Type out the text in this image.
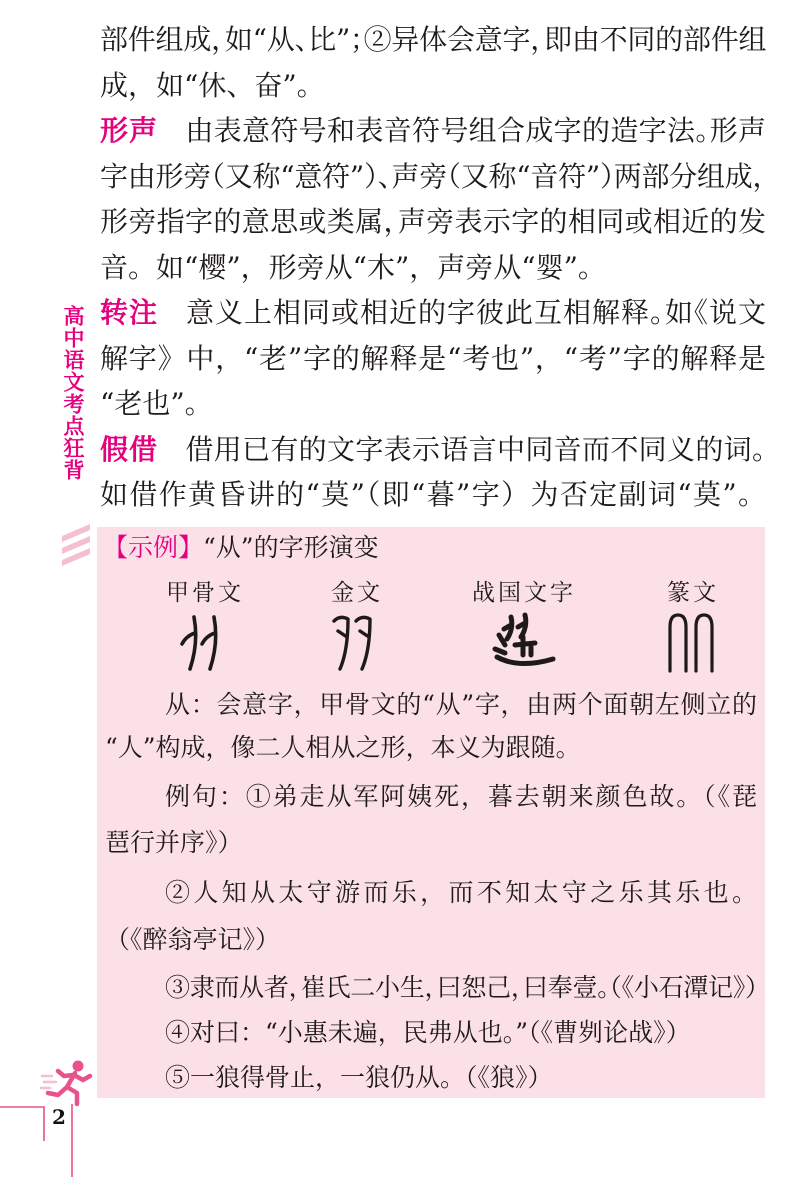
高中语文考点狂背
部件组成，如“从、比”；②异体会意字，即由不同的部件组
成，如“休、奋”。
形声 由表意符号和表音符号组合成字的造字法。形声
字由形旁（又称“意符”）、声旁（又称“音符”）两部分组成，
形旁指字的意思或类属，声旁表示字的相同或相近的发
音。如“樱”，形旁从“木”，声旁从“婴”。
转注 意义上相同或相近的字彼此互相解释。如《说文
解字》中，“老”字的解释是“考也”，“考”字的解释是
“老也”。
假借 借用已有的文字表示语言中同音而不同义的词。
如借作黄昏讲的“莫”（即“暮”字）为否定副词“莫”。
【示例】“从”的字形演变
甲骨文	金文	战国文字	篆文
从：会意字，甲骨文的“从”字，由两个面朝左侧立的
“人”构成，像二人相从之形，本义为跟随。
例句：①弟走从军阿姨死，暮去朝来颜色故。（《琵
琶行并序》）
②人知从太守游而乐，而不知太守之乐其乐也。
（《醉翁亭记》）
③隶而从者，崔氏二小生，曰恕己，曰奉壹。（《小石潭记》）
④对曰：“小惠未遍，民弗从也。”（《曹刿论战》）
⑤一狼得骨止，一狼仍从。（《狼》）
2
